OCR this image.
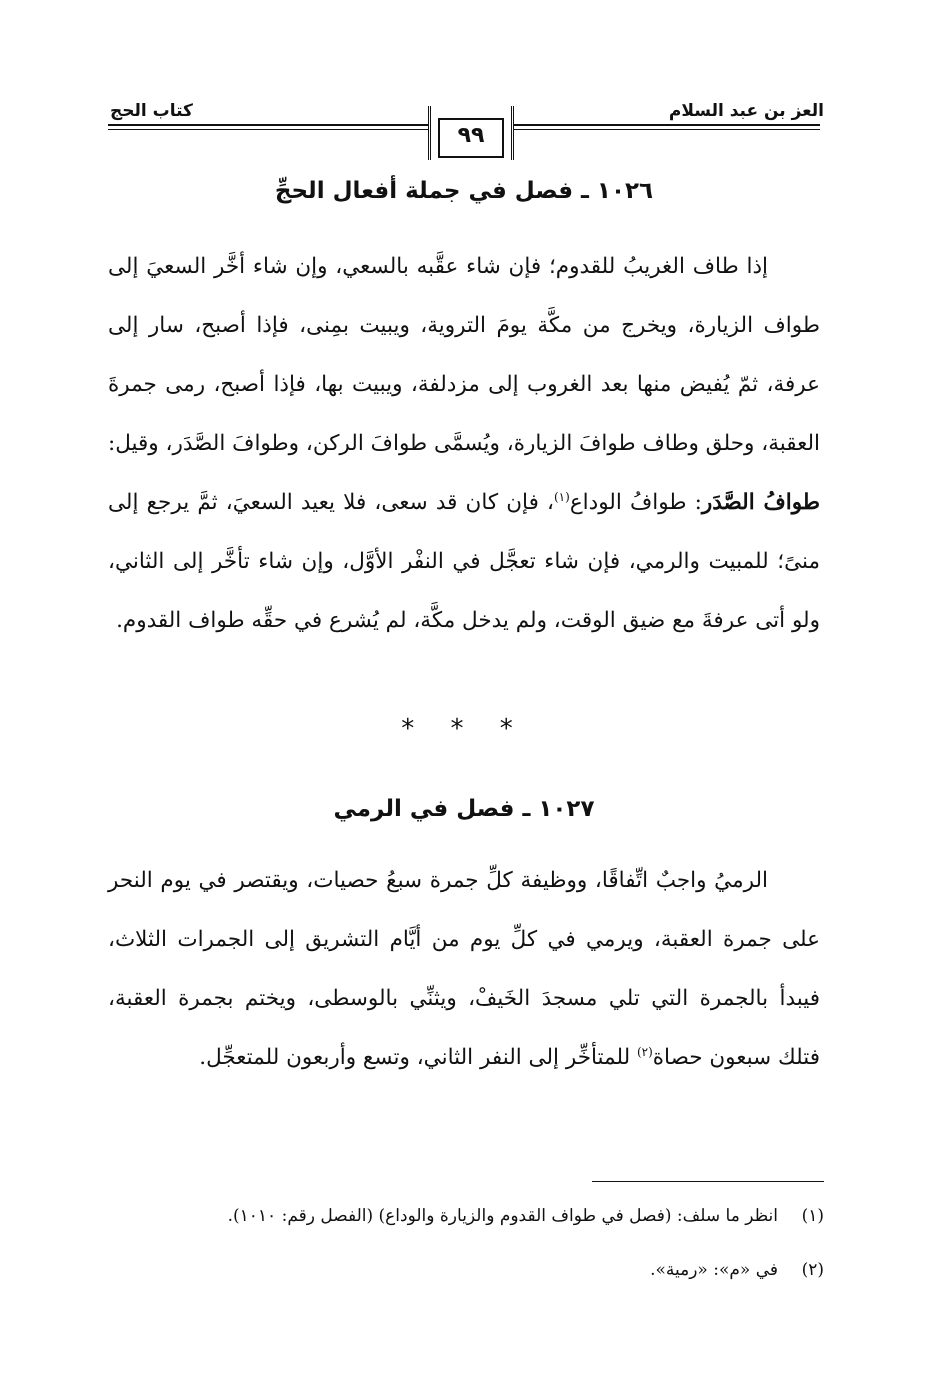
العز بن عبد السلام
كتاب الحج
٩٩
١٠٢٦ ـ فصل في جملة أفعال الحجِّ

إذا طاف الغريبُ للقدوم؛ فإن شاء عقَّبه بالسعي، وإن شاء أخَّر السعيَ إلى طواف الزيارة، ويخرج من مكَّة يومَ التروية، ويبيت بمِنى، فإذا أصبح، سار إلى عرفة، ثمّ يُفيض منها بعد الغروب إلى مزدلفة، ويبيت بها، فإذا أصبح، رمى جمرةَ العقبة، وحلق وطاف طوافَ الزيارة، ويُسمَّى طوافَ الركن، وطوافَ الصَّدَر، وقيل: طوافُ الصَّدَر: طوافُ الوداع$^{(١)}$، فإن كان قد سعى، فلا يعيد السعيَ، ثمَّ يرجع إلى منىً؛ للمبيت والرمي، فإن شاء تعجَّل في النفْر الأوَّل، وإن شاء تأخَّر إلى الثاني، ولو أتى عرفةَ مع ضيق الوقت، ولم يدخل مكَّة، لم يُشرع في حقِّه طواف القدوم.

* * *
١٠٢٧ ـ فصل في الرمي

الرميُ واجبٌ اتِّفاقًا، ووظيفة كلِّ جمرة سبعُ حصيات، ويقتصر في يوم النحر على جمرة العقبة، ويرمي في كلِّ يوم من أيَّام التشريق إلى الجمرات الثلاث، فيبدأ بالجمرة التي تلي مسجدَ الخَيفْ، ويثنِّي بالوسطى، ويختم بجمرة العقبة، فتلك سبعون حصاة$^{(٢)}$ للمتأخِّر إلى النفر الثاني، وتسع وأربعون للمتعجِّل.

(١)انظر ما سلف: (فصل في طواف القدوم والزيارة والوداع) (الفصل رقم: ١٠١٠).
(٢)في «م»: «رمية».
